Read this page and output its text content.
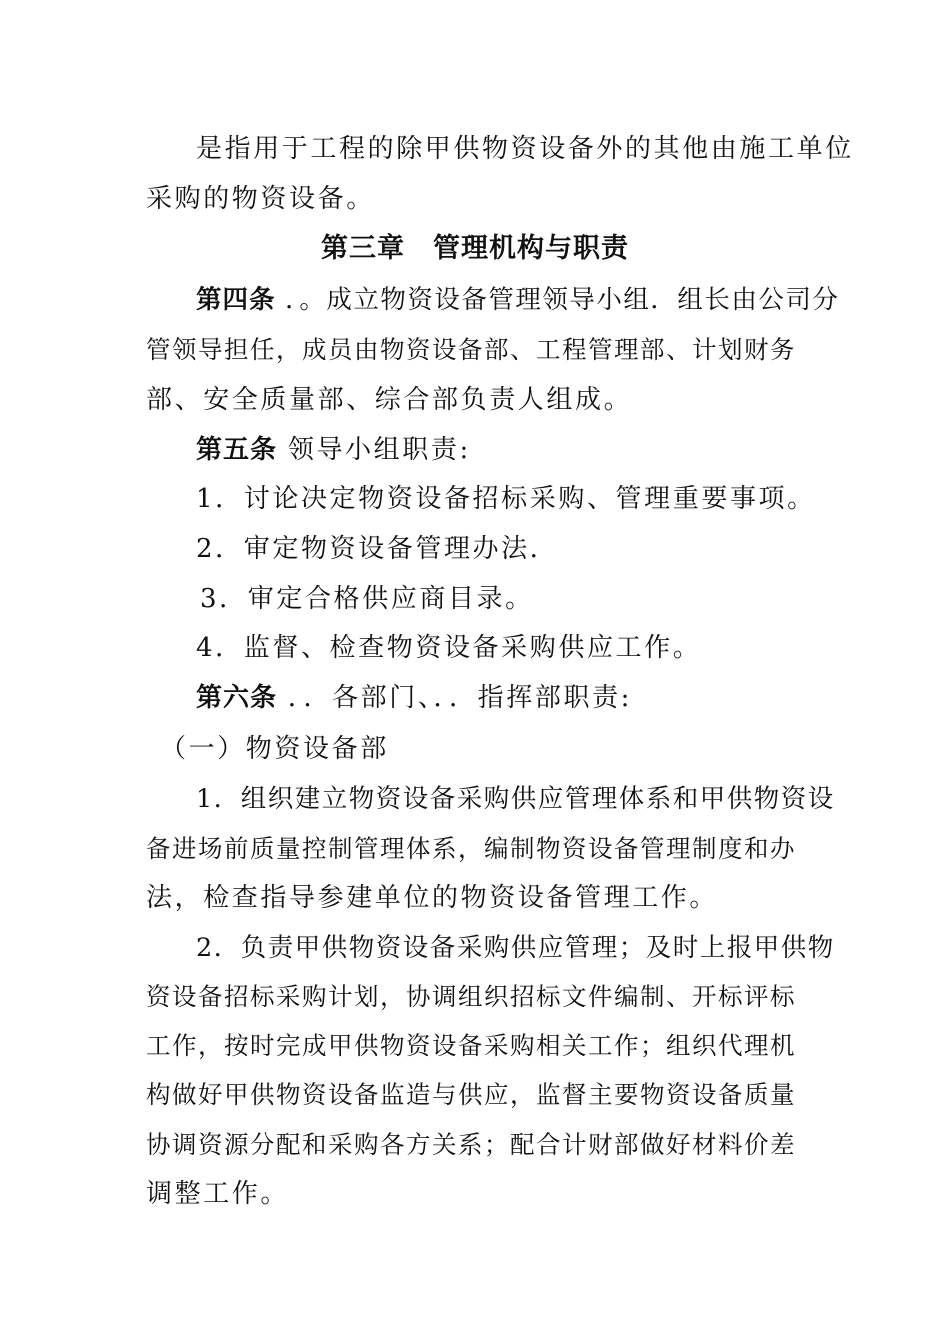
是指用于工程的除甲供物资设备外的其他由施工单位
采购的物资设备。
第三章　管理机构与职责
第四条 ．。成立物资设备管理领导小组．组长由公司分
管领导担任，成员由物资设备部、工程管理部、计划财务
部、安全质量部、综合部负责人组成。
第五条 领导小组职责:
1．讨论决定物资设备招标采购、管理重要事项。
2．审定物资设备管理办法．
3．审定合格供应商目录。
4．监督、检查物资设备采购供应工作。
第六条 ．．各部门、．．指挥部职责:
（一）物资设备部
1．组织建立物资设备采购供应管理体系和甲供物资设
备进场前质量控制管理体系，编制物资设备管理制度和办
法，检查指导参建单位的物资设备管理工作。
2．负责甲供物资设备采购供应管理；及时上报甲供物
资设备招标采购计划，协调组织招标文件编制、开标评标
工作，按时完成甲供物资设备采购相关工作；组织代理机
构做好甲供物资设备监造与供应，监督主要物资设备质量
协调资源分配和采购各方关系；配合计财部做好材料价差
调整工作。
